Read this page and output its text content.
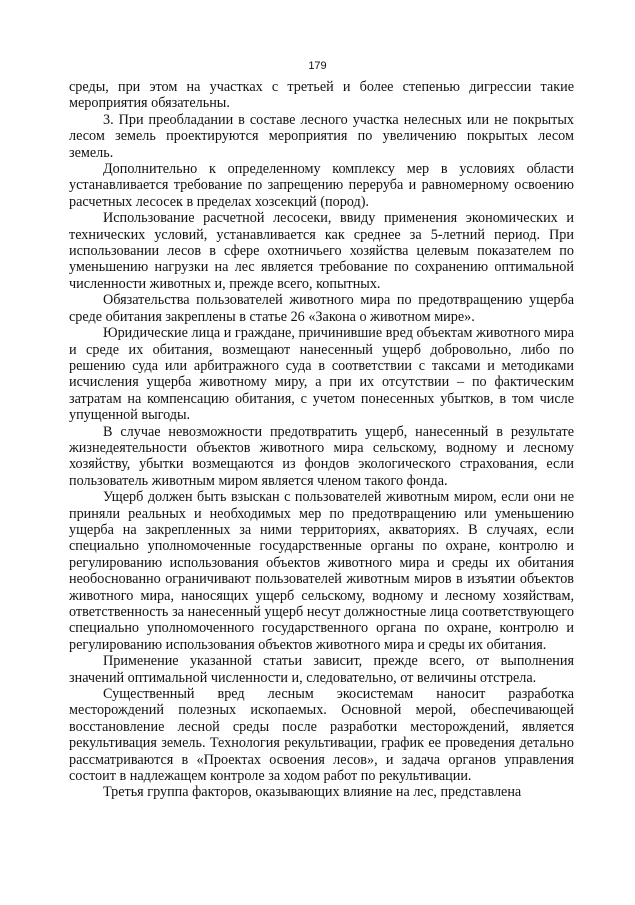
179

среды, при этом на участках с третьей и более степенью дигрессии такие мероприятия обязательны.

3. При преобладании в составе лесного участка нелесных или не покрытых лесом земель проектируются мероприятия по увеличению покрытых лесом земель.

Дополнительно к определенному комплексу мер в условиях области устанавливается требование по запрещению переруба и равномерному освоению расчетных лесосек в пределах хозсекций (пород).

Использование расчетной лесосеки, ввиду применения экономических и технических условий, устанавливается как среднее за 5-летний период. При использовании лесов в сфере охотничьего хозяйства целевым показателем по уменьшению нагрузки на лес является требование по сохранению оптимальной численности животных и, прежде всего, копытных.

Обязательства пользователей животного мира по предотвращению ущерба среде обитания закреплены в статье 26 «Закона о животном мире».

Юридические лица и граждане, причинившие вред объектам животного мира и среде их обитания, возмещают нанесенный ущерб добровольно, либо по решению суда или арбитражного суда в соответствии с таксами и методиками исчисления ущерба животному миру, а при их отсутствии – по фактическим затратам на компенсацию обитания, с учетом понесенных убытков, в том числе упущенной выгоды.

В случае невозможности предотвратить ущерб, нанесенный в результате жизнедеятельности объектов животного мира сельскому, водному и лесному хозяйству, убытки возмещаются из фондов экологического страхования, если пользователь животным миром является членом такого фонда.

Ущерб должен быть взыскан с пользователей животным миром, если они не приняли реальных и необходимых мер по предотвращению или уменьшению ущерба на закрепленных за ними территориях, акваториях. В случаях, если специально уполномоченные государственные органы по охране, контролю и регулированию использования объектов животного мира и среды их обитания необоснованно ограничивают пользователей животным миров в изъятии объектов животного мира, наносящих ущерб сельскому, водному и лесному хозяйствам, ответственность за нанесенный ущерб несут должностные лица соответствующего специально уполномоченного государственного органа по охране, контролю и регулированию использования объектов животного мира и среды их обитания.

Применение указанной статьи зависит, прежде всего, от выполнения значений оптимальной численности и, следовательно, от величины отстрела.

Существенный вред лесным экосистемам наносит разработка месторождений полезных ископаемых. Основной мерой, обеспечивающей восстановление лесной среды после разработки месторождений, является рекультивация земель. Технология рекультивации, график ее проведения детально рассматриваются в «Проектах освоения лесов», и задача органов управления состоит в надлежащем контроле за ходом работ по рекультивации.

Третья группа факторов, оказывающих влияние на лес, представлена
